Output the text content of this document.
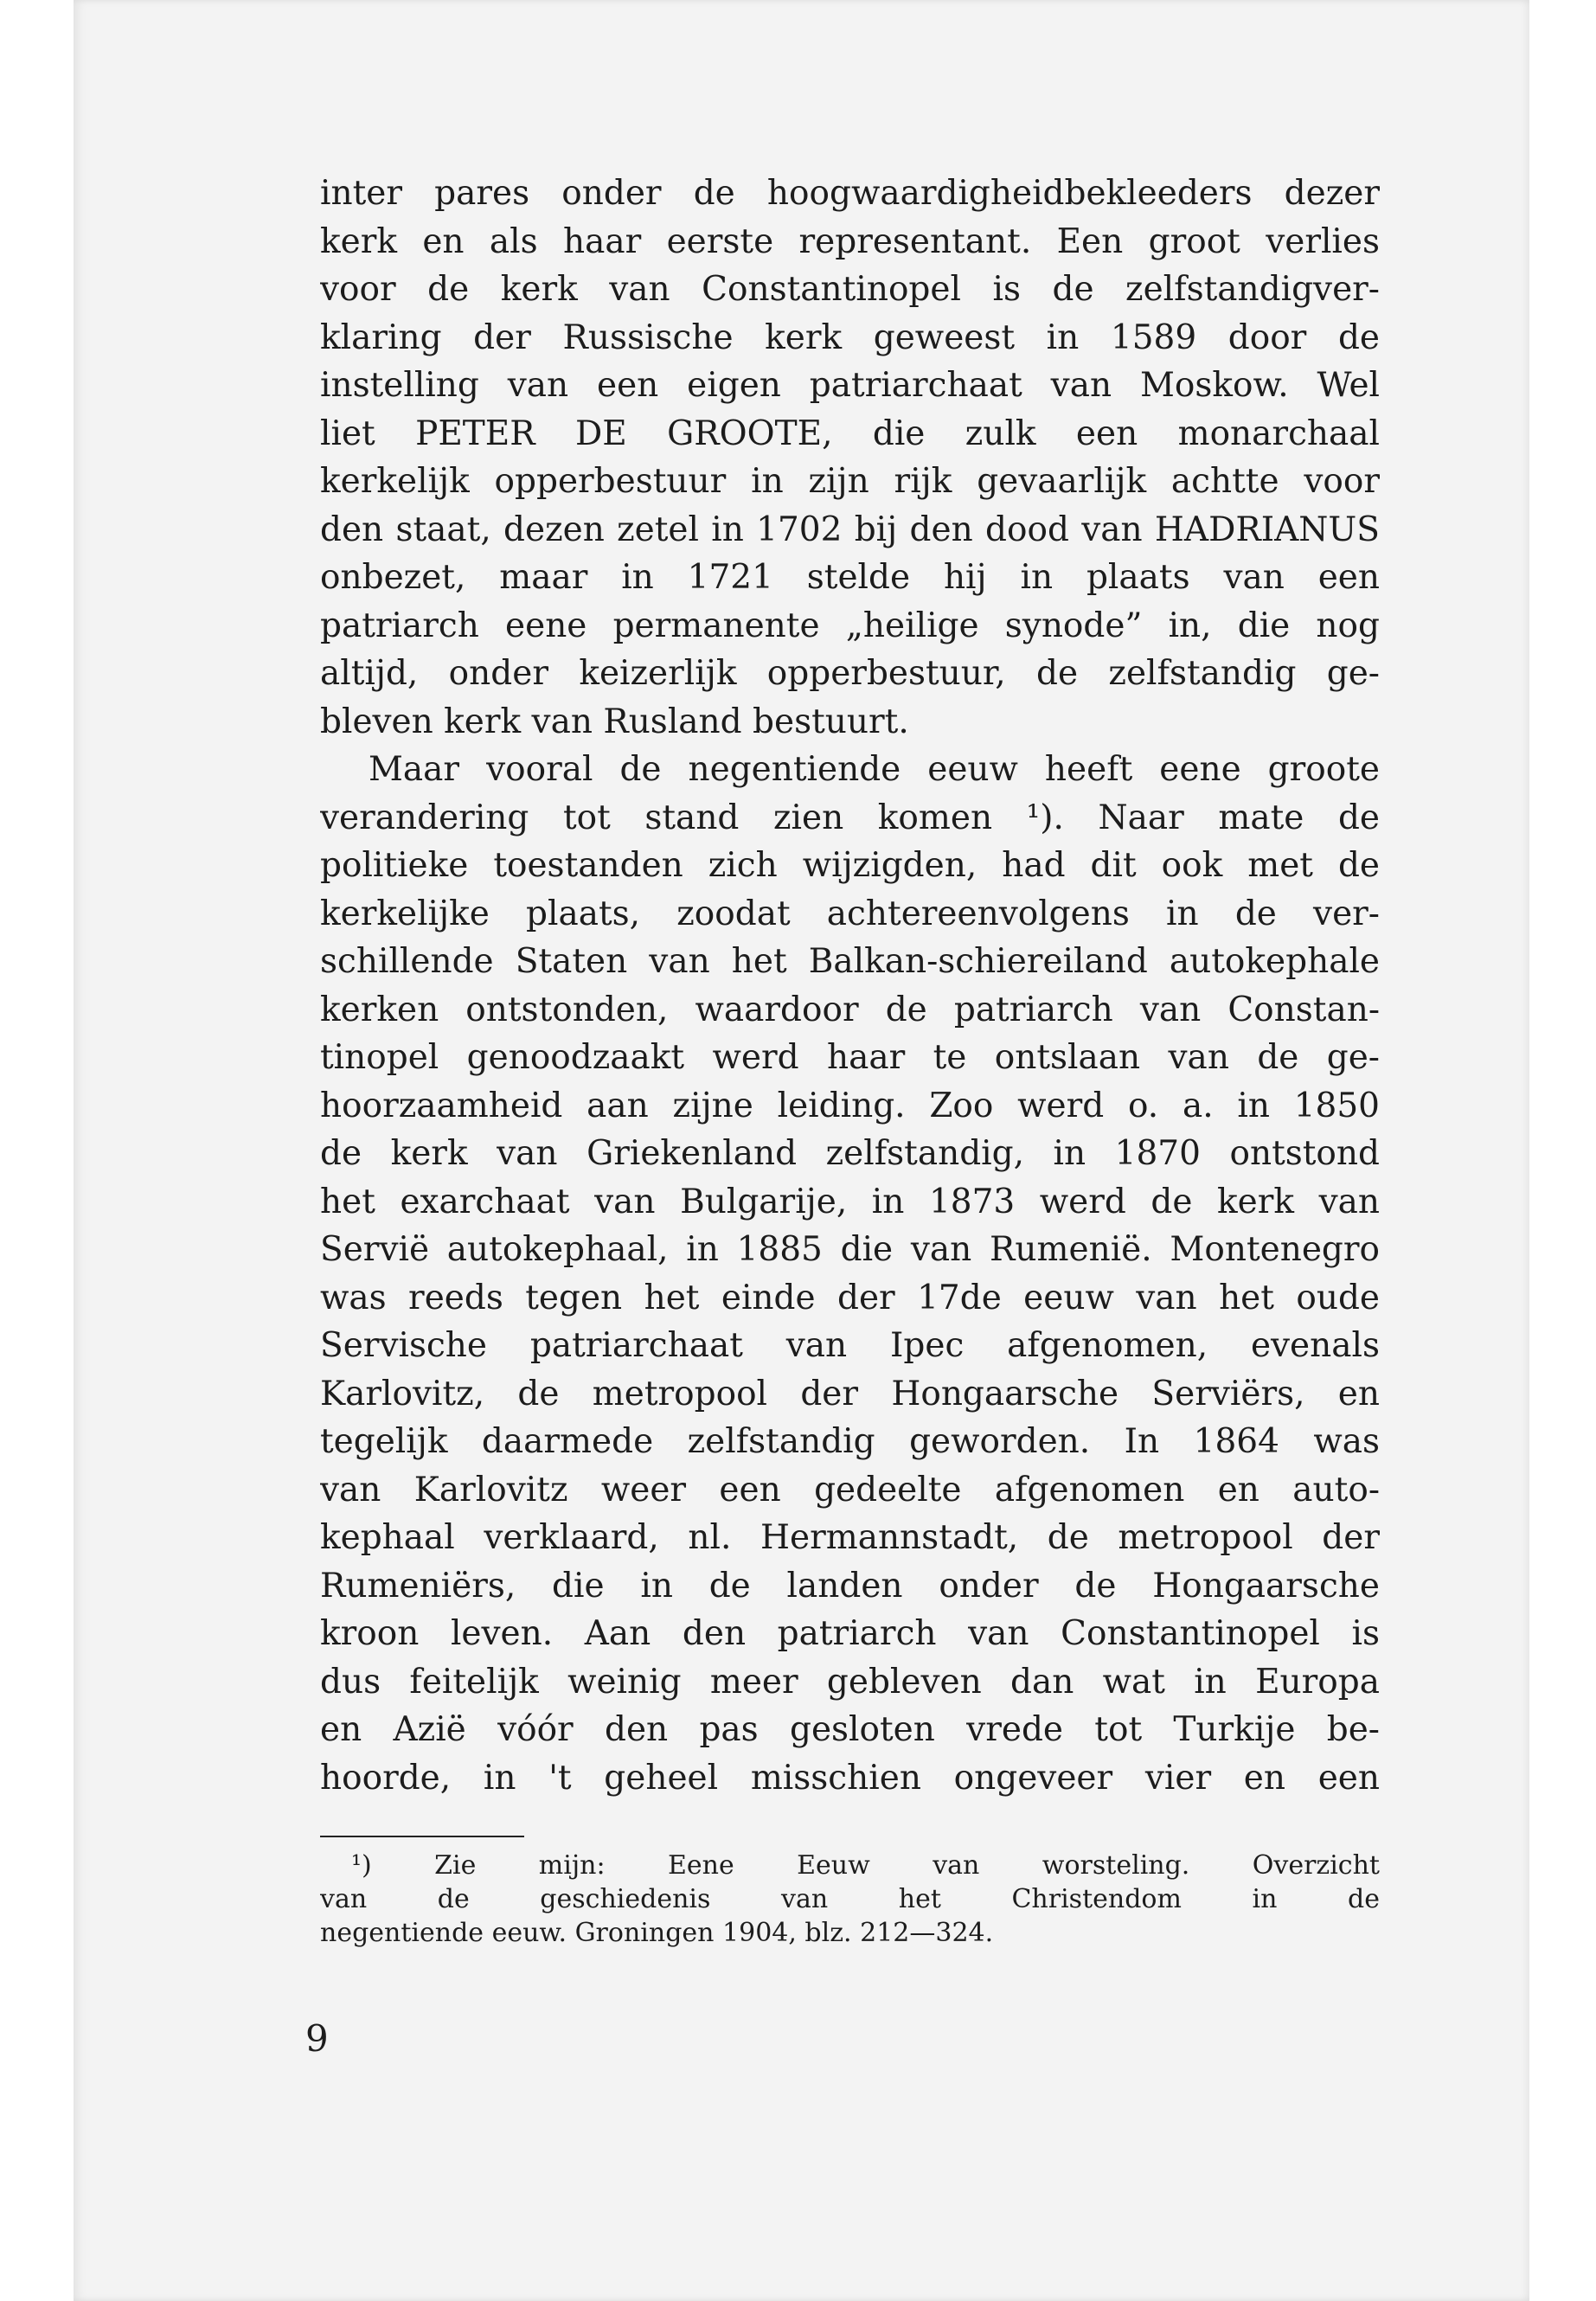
inter pares onder de hoogwaardigheidbekleeders dezer
kerk en als haar eerste representant. Een groot verlies
voor de kerk van Constantinopel is de zelfstandigver-
klaring der Russische kerk geweest in 1589 door de
instelling van een eigen patriarchaat van Moskow. Wel
liet PETER DE GROOTE, die zulk een monarchaal
kerkelijk opperbestuur in zijn rijk gevaarlijk achtte voor
den staat, dezen zetel in 1702 bij den dood van HADRIANUS
onbezet, maar in 1721 stelde hij in plaats van een
patriarch eene permanente „heilige synode” in, die nog
altijd, onder keizerlijk opperbestuur, de zelfstandig ge-
bleven kerk van Rusland bestuurt.
Maar vooral de negentiende eeuw heeft eene groote
verandering tot stand zien komen ¹). Naar mate de
politieke toestanden zich wijzigden, had dit ook met de
kerkelijke plaats, zoodat achtereenvolgens in de ver-
schillende Staten van het Balkan-schiereiland autokephale
kerken ontstonden, waardoor de patriarch van Constan-
tinopel genoodzaakt werd haar te ontslaan van de ge-
hoorzaamheid aan zijne leiding. Zoo werd o. a. in 1850
de kerk van Griekenland zelfstandig, in 1870 ontstond
het exarchaat van Bulgarije, in 1873 werd de kerk van
Serviё autokephaal, in 1885 die van Rumeniё. Montenegro
was reeds tegen het einde der 17de eeuw van het oude
Servische patriarchaat van Ipec afgenomen, evenals
Karlovitz, de metropool der Hongaarsche Serviërs, en
tegelijk daarmede zelfstandig geworden. In 1864 was
van Karlovitz weer een gedeelte afgenomen en auto-
kephaal verklaard, nl. Hermannstadt, de metropool der
Rumeniërs, die in de landen onder de Hongaarsche
kroon leven. Aan den patriarch van Constantinopel is
dus feitelijk weinig meer gebleven dan wat in Europa
en Aziё vóór den pas gesloten vrede tot Turkije be-
hoorde, in 't geheel misschien ongeveer vier en een
¹) Zie mijn: Eene Eeuw van worsteling. Overzicht
van de geschiedenis van het Christendom in de
negentiende eeuw. Groningen 1904, blz. 212—324.
9
